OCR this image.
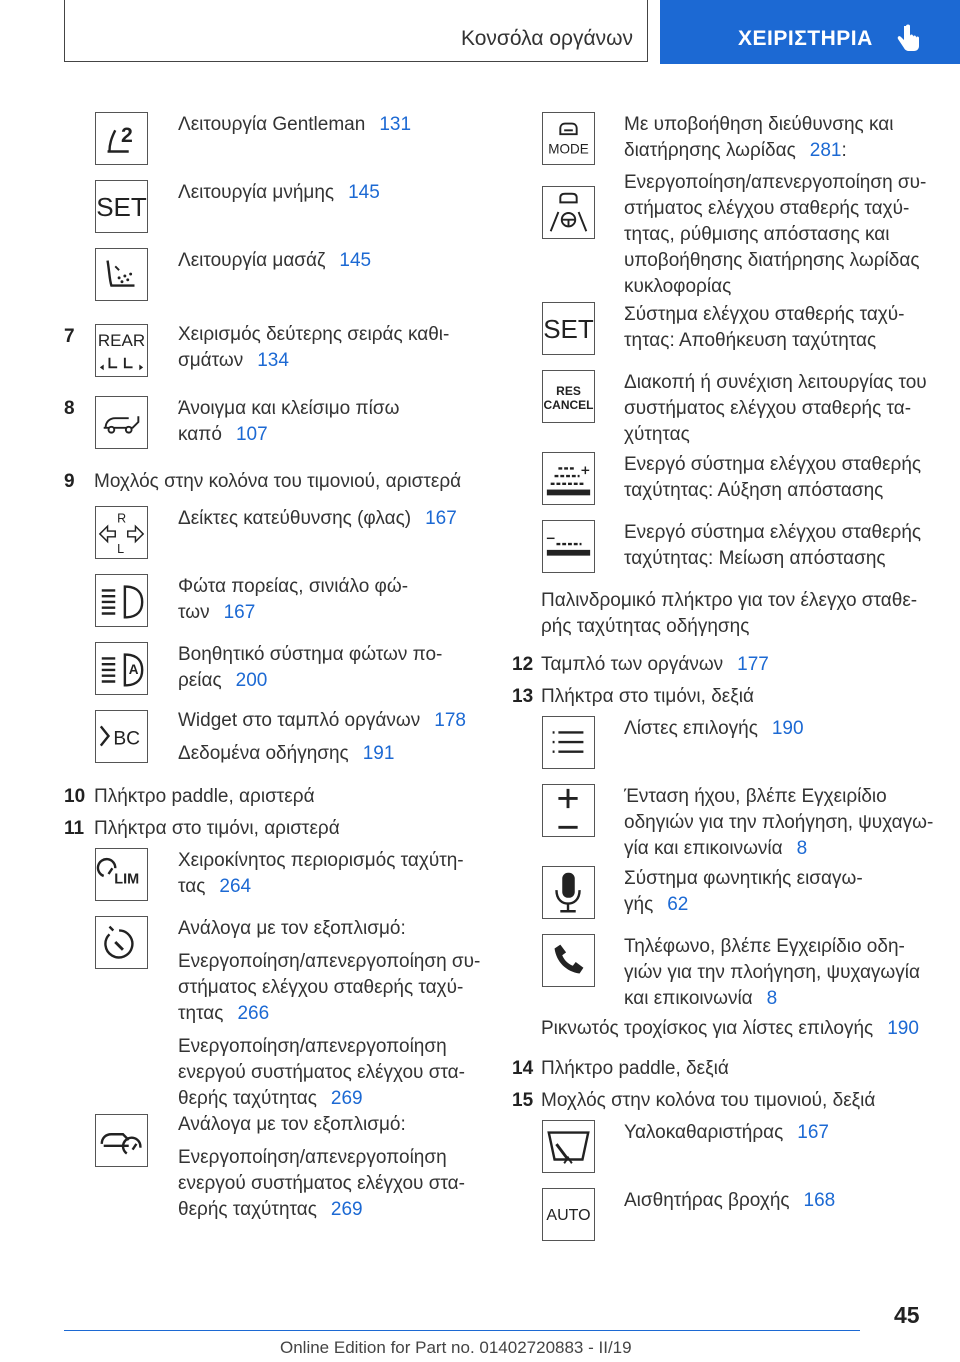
Κονσόλα οργάνων	ΧΕΙΡΙΣΤΗΡΙΑ
2 Λειτουργία Gentleman 131
SET Λειτουργία μνήμης 145
Λειτουργία μασάζ 145
7 REAR Χειρισμός δεύτερης σειράς καθι-
σμάτων 134
8	Άνοιγμα και κλείσιμο πίσω
καπό 107
9 Μοχλός στην κολόνα του τιμονιού, αριστερά
R
L
Δείκτες κατεύθυνσης (φλας) 167
Φώτα πορείας, σινιάλο φώ-
των 167
A
Βοηθητικό σύστημα φώτων πο-
ρείας 200
BC
Widget στο ταμπλό οργάνων 178
Δεδομένα οδήγησης 191
10 Πλήκτρο paddle, αριστερά
11 Πλήκτρα στο τιμόνι, αριστερά
LIM
Χειροκίνητος περιορισμός ταχύτη-
τας 264
Ανάλογα με τον εξοπλισμό:
Ενεργοποίηση/απενεργοποίηση συ-
στήματος ελέγχου σταθερής ταχύ-
τητας 266
Ενεργοποίηση/απενεργοποίηση
ενεργού συστήματος ελέγχου στα-
θερής ταχύτητας 269
Ανάλογα με τον εξοπλισμό:
Ενεργοποίηση/απενεργοποίηση
ενεργού συστήματος ελέγχου στα-
θερής ταχύτητας 269
MODE
Με υποβοήθηση διεύθυνσης και
διατήρησης λωρίδας 281:
Ενεργοποίηση/απενεργοποίηση συ-
στήματος ελέγχου σταθερής ταχύ-
τητας, ρύθμισης απόστασης και
υποβοήθησης διατήρησης λωρίδας
κυκλοφορίας
SET Σύστημα ελέγχου σταθερής ταχύ-
τητας: Αποθήκευση ταχύτητας
RES
CANCEL
Διακοπή ή συνέχιση λειτουργίας του
συστήματος ελέγχου σταθερής τα-
χύτητας
Ενεργό σύστημα ελέγχου σταθερής
ταχύτητας: Αύξηση απόστασης
Ενεργό σύστημα ελέγχου σταθερής
ταχύτητας: Μείωση απόστασης
Παλινδρομικό πλήκτρο για τον έλεγχο σταθε-
ρής ταχύτητας οδήγησης
12 Ταμπλό των οργάνων 177
13 Πλήκτρα στο τιμόνι, δεξιά
Λίστες επιλογής 190
Ένταση ήχου, βλέπε Εγχειρίδιο
οδηγιών για την πλοήγηση, ψυχαγω-
γία και επικοινωνία 8
Σύστημα φωνητικής εισαγω-
γής 62
Τηλέφωνο, βλέπε Εγχειρίδιο οδη-
γιών για την πλοήγηση, ψυχαγωγία
και επικοινωνία 8
Ρικνωτός τροχίσκος για λίστες επιλογής 190
14 Πλήκτρο paddle, δεξιά
15 Μοχλός στην κολόνα του τιμονιού, δεξιά
Υαλοκαθαριστήρας 167
AUTO
Αισθητήρας βροχής 168
45
Online Edition for Part no. 01402720883 - II/19
